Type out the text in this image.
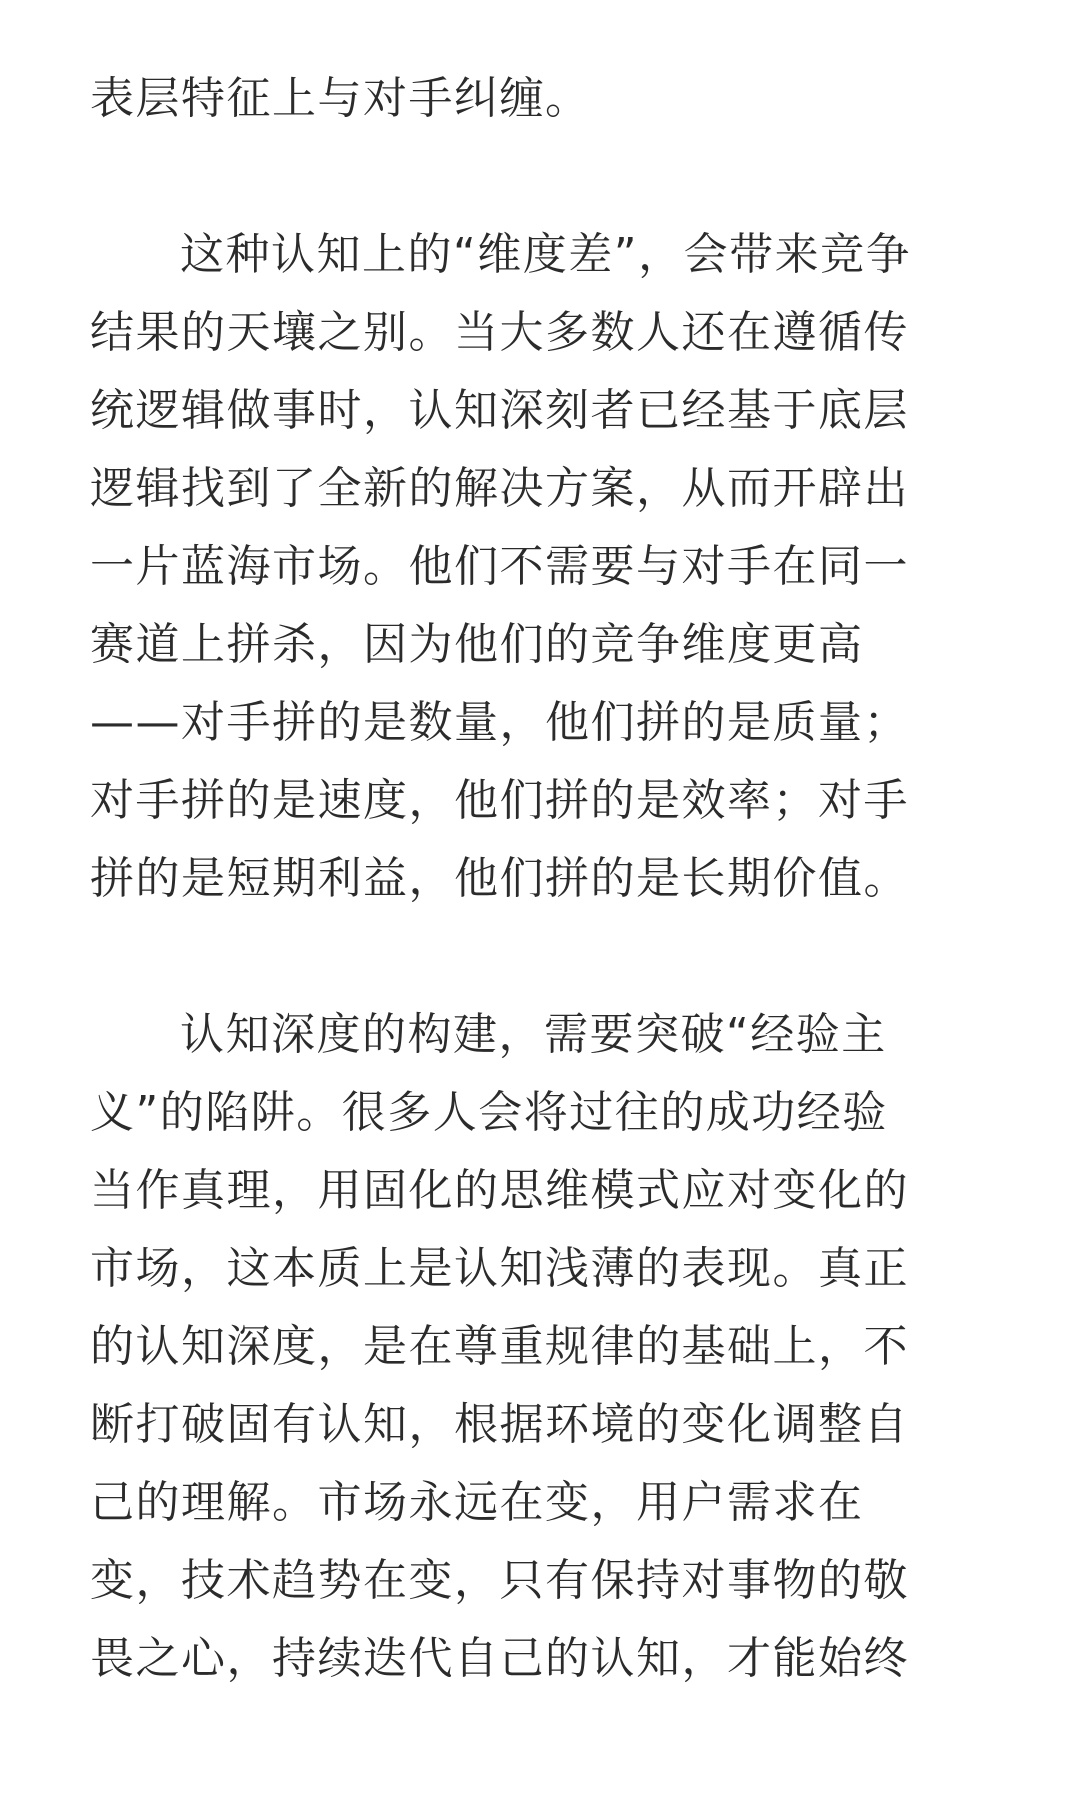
表层特征上与对手纠缠。
这种认知上的“维度差”，会带来竞争
结果的天壤之别。当大多数人还在遵循传
统逻辑做事时，认知深刻者已经基于底层
逻辑找到了全新的解决方案，从而开辟出
一片蓝海市场。他们不需要与对手在同一
赛道上拼杀，因为他们的竞争维度更高
——对手拼的是数量，他们拼的是质量；
对手拼的是速度，他们拼的是效率；对手
拼的是短期利益，他们拼的是长期价值。
认知深度的构建，需要突破“经验主
义”的陷阱。很多人会将过往的成功经验
当作真理，用固化的思维模式应对变化的
市场，这本质上是认知浅薄的表现。真正
的认知深度，是在尊重规律的基础上，不
断打破固有认知，根据环境的变化调整自
己的理解。市场永远在变，用户需求在
变，技术趋势在变，只有保持对事物的敬
畏之心，持续迭代自己的认知，才能始终
